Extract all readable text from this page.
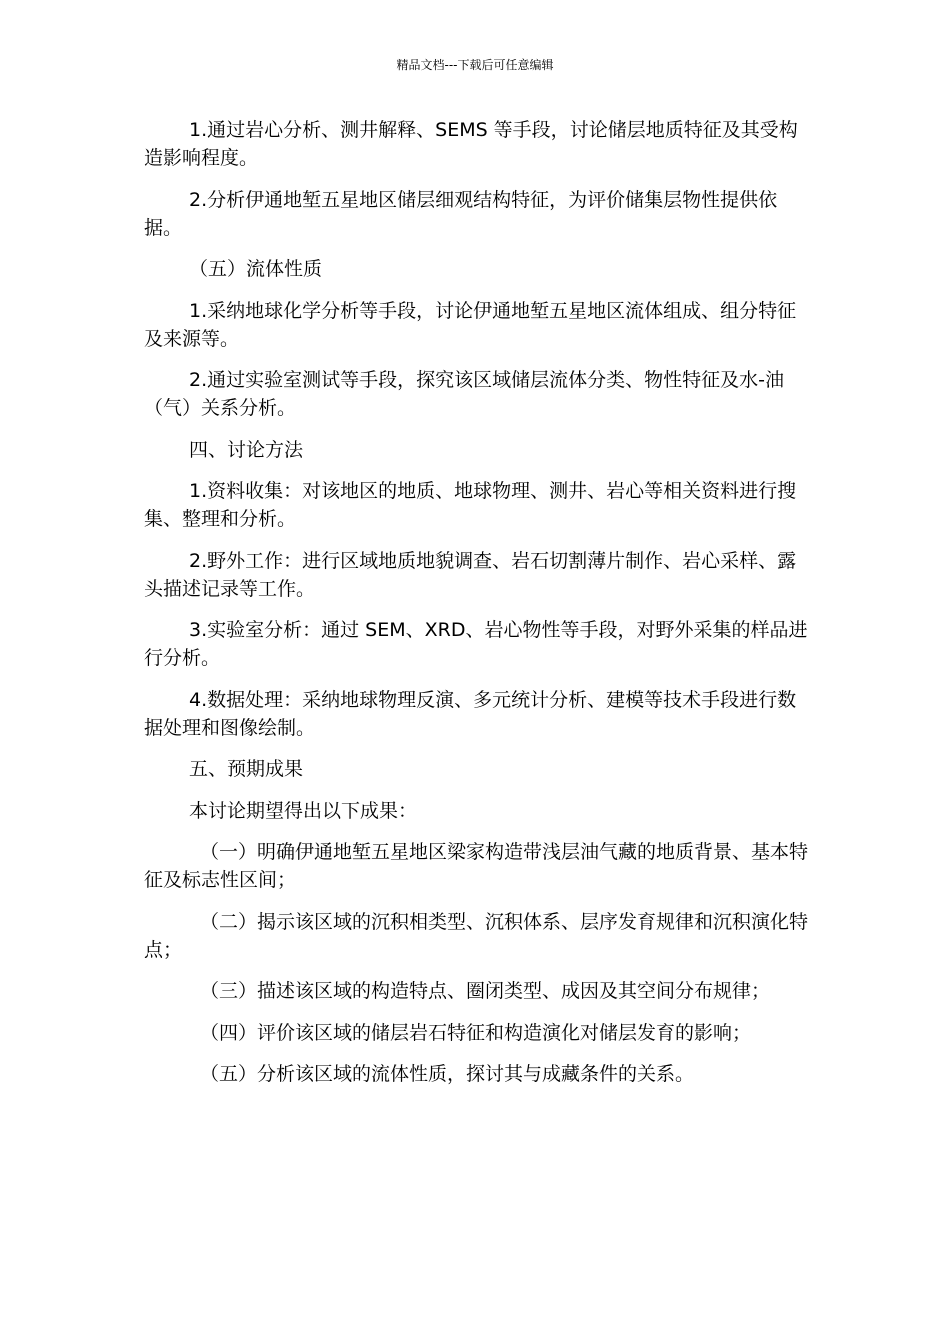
精品文档---下载后可任意编辑

1.通过岩心分析、测井解释、SEMS 等手段，讨论储层地质特征及其受构造影响程度。

2.分析伊通地堑五星地区储层细观结构特征，为评价储集层物性提供依据。

（五）流体性质

1.采纳地球化学分析等手段，讨论伊通地堑五星地区流体组成、组分特征及来源等。

2.通过实验室测试等手段，探究该区域储层流体分类、物性特征及水-油（气）关系分析。

四、讨论方法

1.资料收集：对该地区的地质、地球物理、测井、岩心等相关资料进行搜集、整理和分析。

2.野外工作：进行区域地质地貌调查、岩石切割薄片制作、岩心采样、露头描述记录等工作。

3.实验室分析：通过 SEM、XRD、岩心物性等手段，对野外采集的样品进行分析。

4.数据处理：采纳地球物理反演、多元统计分析、建模等技术手段进行数据处理和图像绘制。

五、预期成果

本讨论期望得出以下成果：

（一）明确伊通地堑五星地区梁家构造带浅层油气藏的地质背景、基本特征及标志性区间；

（二）揭示该区域的沉积相类型、沉积体系、层序发育规律和沉积演化特点；

（三）描述该区域的构造特点、圈闭类型、成因及其空间分布规律；

（四）评价该区域的储层岩石特征和构造演化对储层发育的影响；

（五）分析该区域的流体性质，探讨其与成藏条件的关系。
